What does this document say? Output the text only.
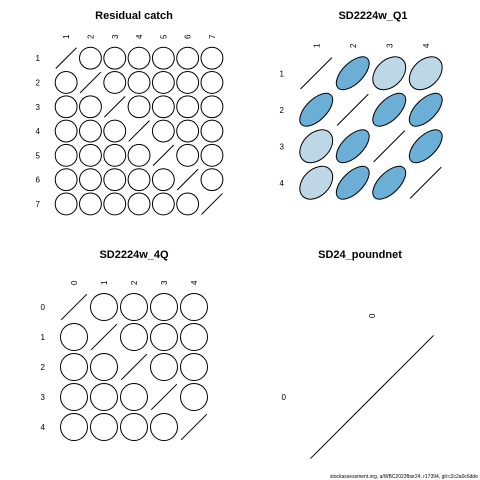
stockassessment.org, a/WBC2023fbsr24, r17394, git:c2c2a0c6dde
Residual catch
1
1
2
2
3
3
4
4
5
5
6
6
7
7
SD2224w_Q1
1
1
2
2
3
3
4
4
SD2224w_4Q
0
0
1
1
2
2
3
3
4
4
SD24_poundnet
0
0
